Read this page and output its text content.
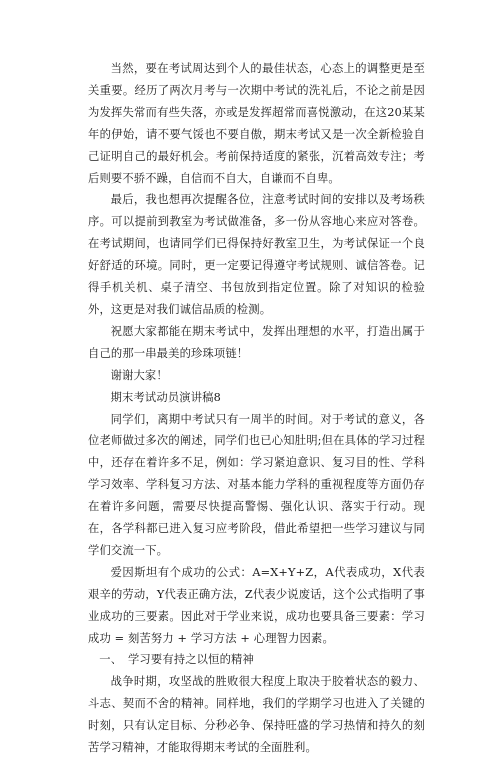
当然，要在考试周达到个人的最佳状态，心态上的调整更是至关重要。经历了两次月考与一次期中考试的洗礼后，不论之前是因为发挥失常而有些失落，亦或是发挥超常而喜悦激动，在这20某某年的伊始，请不要气馁也不要自傲，期末考试又是一次全新检验自己证明自己的最好机会。考前保持适度的紧张，沉着高效专注；考后则要不骄不躁，自信而不自大，自谦而不自卑。

最后，我也想再次提醒各位，注意考试时间的安排以及考场秩序。可以提前到教室为考试做准备，多一份从容地心来应对答卷。在考试期间，也请同学们已得保持好教室卫生，为考试保证一个良好舒适的环境。同时，更一定要记得遵守考试规则、诚信答卷。记得手机关机、桌子清空、书包放到指定位置。除了对知识的检验外，这更是对我们诚信品质的检测。

祝愿大家都能在期末考试中，发挥出理想的水平，打造出属于自己的那一串最美的珍珠项链！

谢谢大家！

期末考试动员演讲稿8

同学们，离期中考试只有一周半的时间。对于考试的意义，各位老师做过多次的阐述，同学们也已心知肚明;但在具体的学习过程中，还存在着许多不足，例如：学习紧迫意识、复习目的性、学科学习效率、学科复习方法、对基本能力学科的重视程度等方面仍存在着许多问题，需要尽快提高警惕、强化认识、落实于行动。现在，各学科都已进入复习应考阶段，借此希望把一些学习建议与同学们交流一下。

爱因斯坦有个成功的公式：A=X+Y+Z，A代表成功，X代表艰辛的劳动，Y代表正确方法，Z代表少说废话，这个公式指明了事业成功的三要素。因此对于学业来说，成功也要具备三要素：学习成功 = 刻苦努力 + 学习方法 + 心理智力因素。

一、　学习要有持之以恒的精神

战争时期，攻坚战的胜败很大程度上取决于胶着状态的毅力、斗志、契而不舍的精神。同样地，我们的学期学习也进入了关键的时刻，只有认定目标、分秒必争、保持旺盛的学习热情和持久的刻苦学习精神，才能取得期末考试的全面胜利。
